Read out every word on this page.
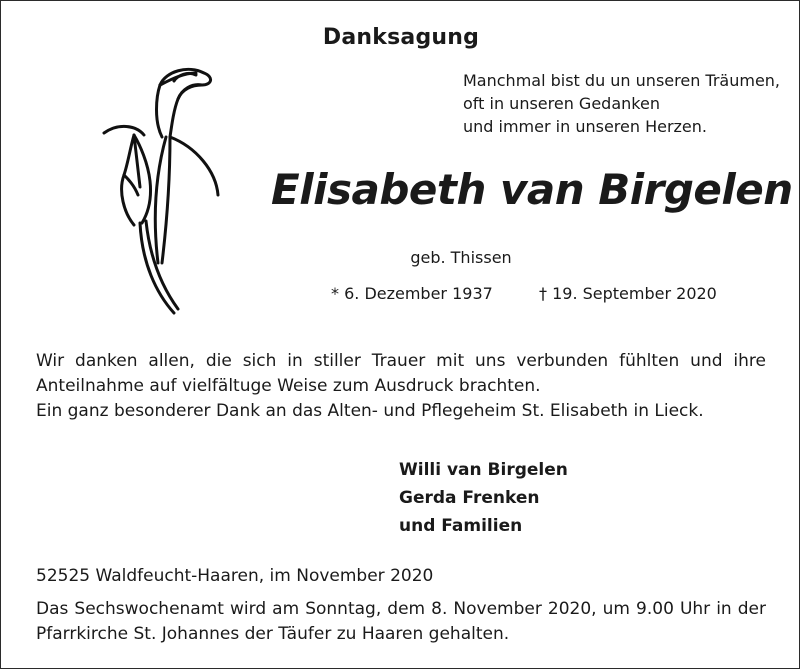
Danksagung
Manchmal bist du un unseren Träumen,
oft in unseren Gedanken
und immer in unseren Herzen.
Elisabeth van Birgelen
geb. Thissen
* 6. Dezember 1937	† 19. September 2020
Wir danken allen, die sich in stiller Trauer mit uns verbunden fühlten und ihre
Anteilnahme auf vielfältuge Weise zum Ausdruck brachten.
Ein ganz besonderer Dank an das Alten- und Pflegeheim St. Elisabeth in Lieck.
Willi van Birgelen
Gerda Frenken
und Familien
52525 Waldfeucht-Haaren, im November 2020
Das Sechswochenamt wird am Sonntag, dem 8. November 2020, um 9.00 Uhr in der
Pfarrkirche St. Johannes der Täufer zu Haaren gehalten.
